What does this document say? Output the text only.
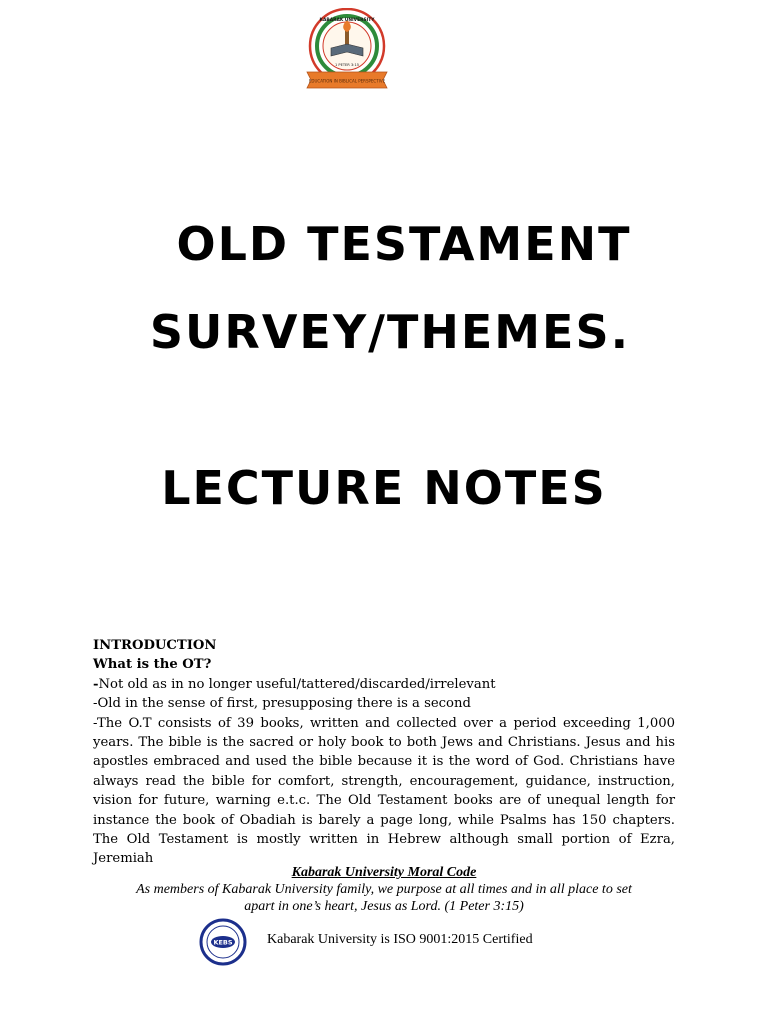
EDUCATION IN BIBLICAL PERSPECTIVE
KABARAK UNIVERSITY
1 PETER 3:15
OLD TESTAMENT
SURVEY/THEMES.
LECTURE NOTES

INTRODUCTION

What is the OT?

-Not old as in no longer useful/tattered/discarded/irrelevant

-Old in the sense of first, presupposing there is a second

-The O.T consists of 39 books, written and collected over a period exceeding 1,000 years. The bible is the sacred or holy book to both Jews and Christians. Jesus and his apostles embraced and used the bible because it is the word of God. Christians have always read the bible for comfort, strength, encouragement, guidance, instruction, vision for future, warning e.t.c. The Old Testament books are of unequal length for instance the book of Obadiah is barely a page long, while Psalms has 150 chapters. The Old Testament is mostly written in Hebrew although small portion of Ezra, Jeremiah

Kabarak University Moral Code
As members of Kabarak University family, we purpose at all times and in all place to set
apart in one’s heart, Jesus as Lord. (1 Peter 3:15)
KEBS Kabarak University is ISO 9001:2015 Certified
